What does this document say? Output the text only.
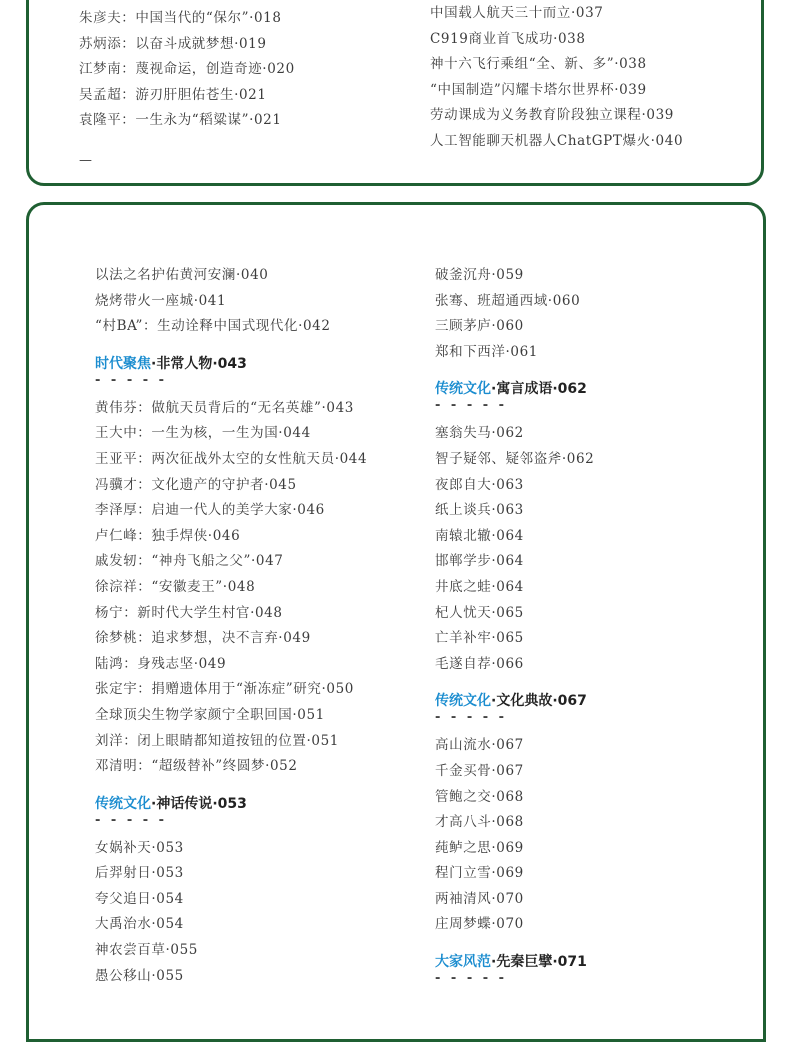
朱彦夫：中国当代的“保尔”·018
苏炳添：以奋斗成就梦想·019
江梦南：蔑视命运，创造奇迹·020
吴孟超：游刃肝胆佑苍生·021
袁隆平：一生永为“稻粱谋”·021
—
中国载人航天三十而立·037
C919商业首飞成功·038
神十六飞行乘组“全、新、多”·038
“中国制造”闪耀卡塔尔世界杯·039
劳动课成为义务教育阶段独立课程·039
人工智能聊天机器人ChatGPT爆火·040
以法之名护佑黄河安澜·040
烧烤带火一座城·041
“村BA”：生动诠释中国式现代化·042
时代聚焦·非常人物·043
- - - - -
黄伟芬：做航天员背后的“无名英雄”·043
王大中：一生为核，一生为国·044
王亚平：两次征战外太空的女性航天员·044
冯骥才：文化遗产的守护者·045
李泽厚：启迪一代人的美学大家·046
卢仁峰：独手焊侠·046
戚发轫：“神舟飞船之父”·047
徐淙祥：“安徽麦王”·048
杨宁：新时代大学生村官·048
徐梦桃：追求梦想，决不言弃·049
陆鸿：身残志坚·049
张定宇：捐赠遗体用于“渐冻症”研究·050
全球顶尖生物学家颜宁全职回国·051
刘洋：闭上眼睛都知道按钮的位置·051
邓清明：“超级替补”终圆梦·052
传统文化·神话传说·053
- - - - -
女娲补天·053
后羿射日·053
夸父追日·054
大禹治水·054
神农尝百草·055
愚公移山·055
破釜沉舟·059
张骞、班超通西域·060
三顾茅庐·060
郑和下西洋·061
传统文化·寓言成语·062
- - - - -
塞翁失马·062
智子疑邻、疑邻盗斧·062
夜郎自大·063
纸上谈兵·063
南辕北辙·064
邯郸学步·064
井底之蛙·064
杞人忧天·065
亡羊补牢·065
毛遂自荐·066
传统文化·文化典故·067
- - - - -
高山流水·067
千金买骨·067
管鲍之交·068
才高八斗·068
莼鲈之思·069
程门立雪·069
两袖清风·070
庄周梦蝶·070
大家风范·先秦巨擘·071
- - - - -
